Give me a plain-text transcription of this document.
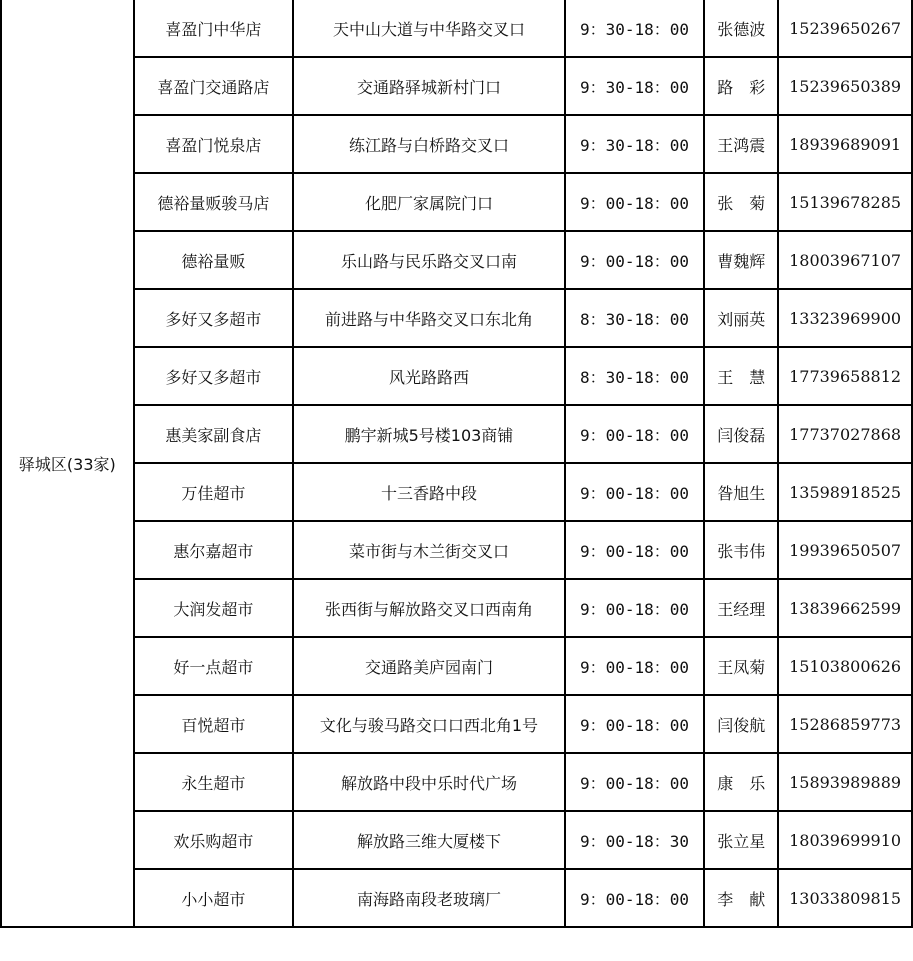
驿城区(33家)	喜盈门中华店	天中山大道与中华路交叉口	9：30-18：00	张德波	15239650267
	喜盈门交通路店	交通路驿城新村门口	9：30-18：00	路　彩	15239650389
	喜盈门悦泉店	练江路与白桥路交叉口	9：30-18：00	王鸿震	18939689091
	德裕量贩骏马店	化肥厂家属院门口	9：00-18：00	张　菊	15139678285
	德裕量贩	乐山路与民乐路交叉口南	9：00-18：00	曹魏辉	18003967107
	多好又多超市	前进路与中华路交叉口东北角	8：30-18：00	刘丽英	13323969900
	多好又多超市	风光路路西	8：30-18：00	王　慧	17739658812
	惠美家副食店	鹏宇新城5号楼103商铺	9：00-18：00	闫俊磊	17737027868
	万佳超市	十三香路中段	9：00-18：00	昝旭生	13598918525
	惠尔嘉超市	菜市街与木兰街交叉口	9：00-18：00	张韦伟	19939650507
	大润发超市	张西街与解放路交叉口西南角	9：00-18：00	王经理	13839662599
	好一点超市	交通路美庐园南门	9：00-18：00	王凤菊	15103800626
	百悦超市	文化与骏马路交口口西北角1号	9：00-18：00	闫俊航	15286859773
	永生超市	解放路中段中乐时代广场	9：00-18：00	康　乐	15893989889
	欢乐购超市	解放路三维大厦楼下	9：00-18：30	张立星	18039699910
	小小超市	南海路南段老玻璃厂	9：00-18：00	李　献	13033809815
